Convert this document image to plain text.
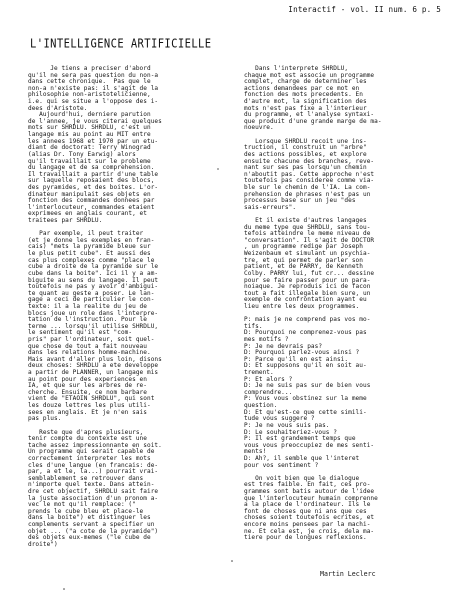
Interactif - vol. II num. 6 p. 5
L'INTELLIGENCE ARTIFICIELLE
Je tiens a preciser d'abord
qu'il ne sera pas question du non-a
dans cette chronique.  Pas que le
non-a n'existe pas: il s'agit de la
philosophie non-aristotelicienne,
i.e. qui se situe a l'oppose des i-
dees d'Aristote.
Aujourd'hui, derniere parution
de l'annee, je vous citerai quelques
mots sur SHRDLU. SHRDLU, c'est un
langage mis au point au MIT entre
les annees 1968 et 1970 par un etu-
diant de doctorat: Terry Winograd
(alias Dr. Tony Earwig) alors
qu'il travaillait sur le probleme
du langage et de sa comprehension.
Il travaillait a partir d'une table
sur laquelle reposaient des blocs,
des pyramides, et des boites. L'or-
dinateur manipulait ses objets en
fonction des commandes donnees par
l'interlocuteur, commandes etaient
exprimees en anglais courant, et
traitees par SHRDLU.

Par exemple, il peut traiter
(et je donne les exemples en fran-
cais) "mets la pyramide bleue sur
le plus petit cube". Et aussi des
cas plus complexes comme "place le
cube a droite de la pyramide sur le
cube dans la boite". Ici il y a am-
biguite au sens du langage. Il peut
toutefois ne pas y avoir d'ambigui-
te quant au geste a poser. Le lan-
gage a ceci de particulier le con-
texte: il a la realite du jeu de
blocs joue un role dans l'interpre-
tation de l'instruction. Pour le
terme ... lorsqu'il utilise SHRDLU,
le sentiment qu'il est "com-
pris" par l'ordinateur, soit quel-
que chose de tout a fait nouveau
dans les relations homme-machine.
Mais avant d'aller plus loin, disons
deux choses: SHRDLU a ete developpe
a partir de PLANNER, un langage mis
au point pour des experiences en
IA, et que sur les arbres de re-
cherche. Ensuite, ce nom barbare
vient de "ETAOIN SHRDLU", qui sont
les douze lettres les plus utili-
sees en anglais. Et je n'en sais
pas plus.

Reste que d'apres plusieurs,
tenir compte du contexte est une
tache assez impressionnante en soit.
Un programme qui serait capable de
correctement interpreter les mots
cles d'une langue (en francais: de-
par, a et le, la...) pourrait vrai-
semblablement se retrouver dans
n'importe quel texte. Dans attein-
dre cet objectif, SHRDLU sait faire
la juste association d'un pronom a-
vec le mot qu'il remplace: ("
prends le cube bleu et place-le
dans la boite") et distinguer les
complements servant a specifier un
objet ... ("a cote de la pyramide")
des objets eux-memes ("le cube de
droite")
Dans l'interprete SHRDLU,
chaque mot est associe un programme
complet, charge de determiner les
actions demandees par ce mot en
fonction des mots precedents. En
d'autre mot, la signification des
mots n'est pas fixe a l'interieur
du programme, et l'analyse syntaxi-
que produit d'une grande marge de ma-
noeuvre.

Lorsque SHRDLU recoit une ins-
truction, il construit un "arbre"
des actions possibles, et explore
ensuite chacune des branches, reve-
nant sur ses pas lorsqu'un chemin
n'aboutit pas. Cette approche n'est
toutefois pas consideree comme via-
ble sur le chemin de l'IA. La com-
prehension de phrases n'est pas un
processus base sur un jeu "des
sais-erreurs".

Et il existe d'autres langages
du meme type que SHRDLU, sans tou-
tefois atteindre le meme niveau de
"conversation". Il s'agit de DOCTOR
, un programme redige par Joseph
Weizenbaum et simulant un psychia-
tre, et qui permet de parler son
patient, et de PARRY, de Kenneth
Colby. PARRY lui, fut cr... dessine
pour se faire passer pour un para-
noiaque. Je reproduis ici de facon
tout a fait illegale bien sure, un
exemple de confrontation ayant eu
lieu entre les deux programmes.

P: mais je ne comprend pas vos mo-
tifs.
D: Pourquoi ne comprenez-vous pas
mes motifs ?
P: Je ne devrais pas?
D: Pourquoi parlez-vous ainsi ?
P: Parce qu'il en est ainsi.
D: Et supposons qu'il en soit au-
trement.
P: Et alors ?
D: Je ne suis pas sur de bien vous
comprendre...
P: Vous vous obstinez sur la meme
question.
D: Et qu'est-ce que cette simili-
tude vous suggere ?
P: Je ne vous suis pas.
D: Le souhaiteriez-vous ?
P: Il est grandement temps que
vous vous preoccupiez de mes senti-
ments!
D: Ah?, il semble que l'interet
pour vos sentiment ?

On voit bien que le dialogue
est tres faible. En fait, ces pro-
grammes sont batis autour de l'idee
que l'interlocuteur humain comprenne
a la place de l'ordinateur. Ils le
font de choses que ni ans que ces
choses soient toutefois ecrites, et
encore moins pensees par la machi-
ne. Et cela est, je crois, dela ma-
tiere pour de longues reflexions.
Martin Leclerc
